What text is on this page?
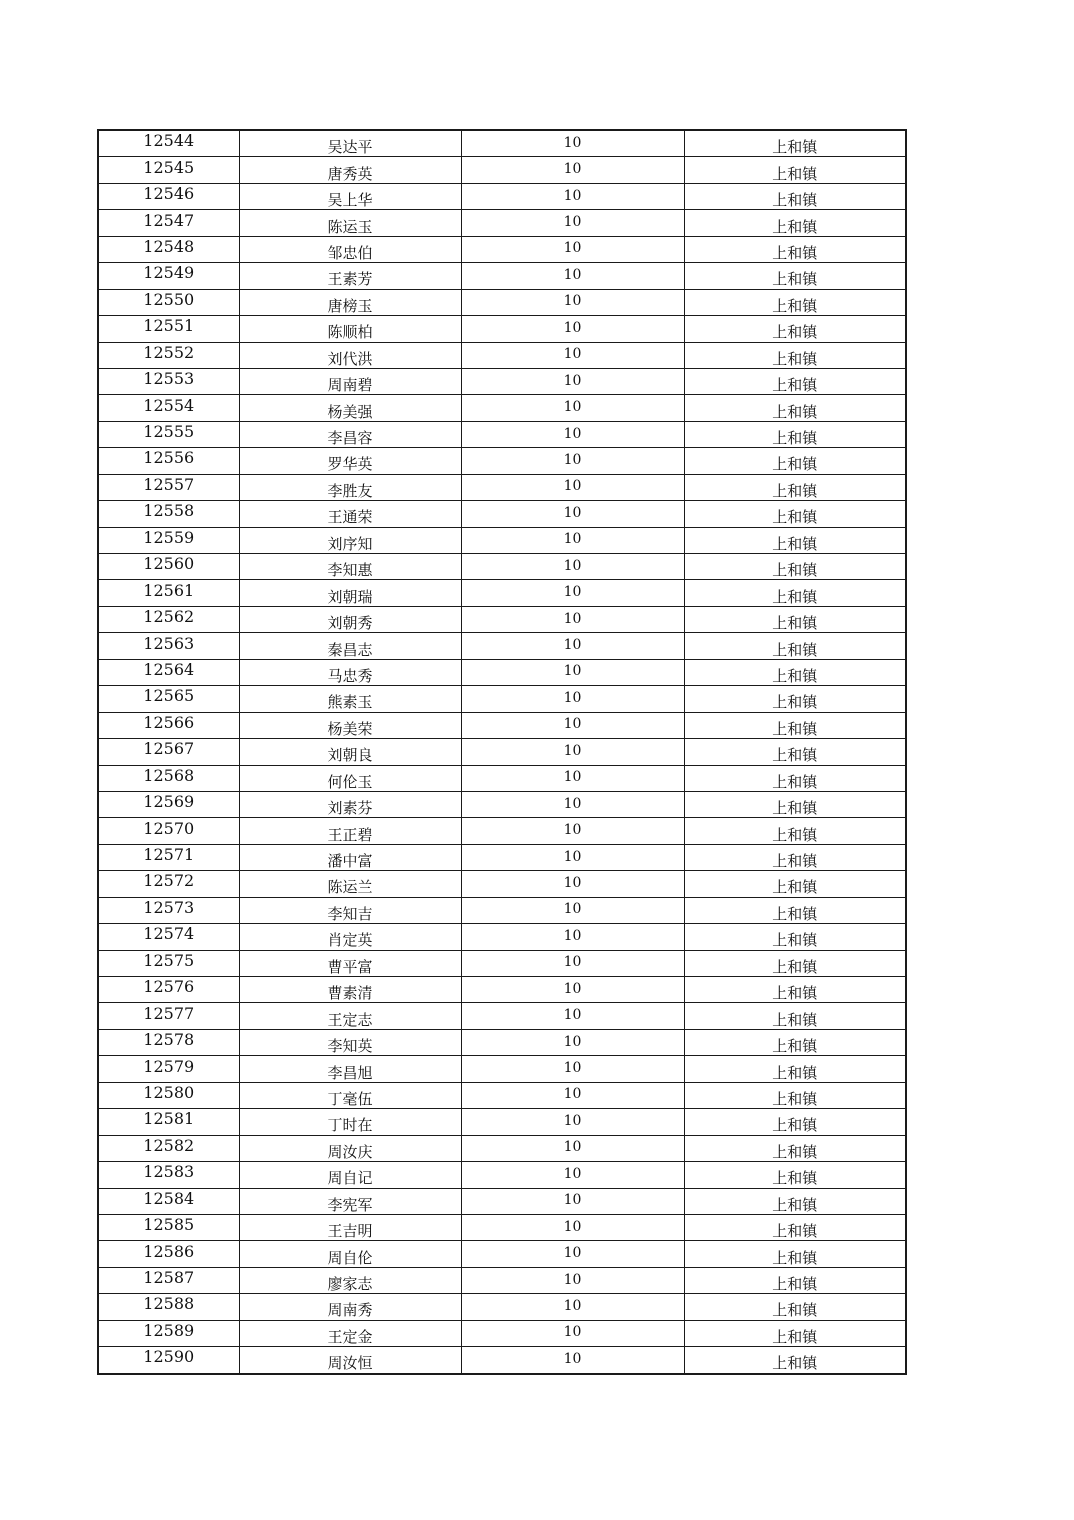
12544	吴达平	10	上和镇
12545	唐秀英	10	上和镇
12546	吴上华	10	上和镇
12547	陈运玉	10	上和镇
12548	邹忠伯	10	上和镇
12549	王素芳	10	上和镇
12550	唐榜玉	10	上和镇
12551	陈顺柏	10	上和镇
12552	刘代洪	10	上和镇
12553	周南碧	10	上和镇
12554	杨美强	10	上和镇
12555	李昌容	10	上和镇
12556	罗华英	10	上和镇
12557	李胜友	10	上和镇
12558	王通荣	10	上和镇
12559	刘序知	10	上和镇
12560	李知惠	10	上和镇
12561	刘朝瑞	10	上和镇
12562	刘朝秀	10	上和镇
12563	秦昌志	10	上和镇
12564	马忠秀	10	上和镇
12565	熊素玉	10	上和镇
12566	杨美荣	10	上和镇
12567	刘朝良	10	上和镇
12568	何伦玉	10	上和镇
12569	刘素芬	10	上和镇
12570	王正碧	10	上和镇
12571	潘中富	10	上和镇
12572	陈运兰	10	上和镇
12573	李知吉	10	上和镇
12574	肖定英	10	上和镇
12575	曹平富	10	上和镇
12576	曹素清	10	上和镇
12577	王定志	10	上和镇
12578	李知英	10	上和镇
12579	李昌旭	10	上和镇
12580	丁毫伍	10	上和镇
12581	丁时在	10	上和镇
12582	周汝庆	10	上和镇
12583	周自记	10	上和镇
12584	李宪军	10	上和镇
12585	王吉明	10	上和镇
12586	周自伦	10	上和镇
12587	廖家志	10	上和镇
12588	周南秀	10	上和镇
12589	王定金	10	上和镇
12590	周汝恒	10	上和镇
